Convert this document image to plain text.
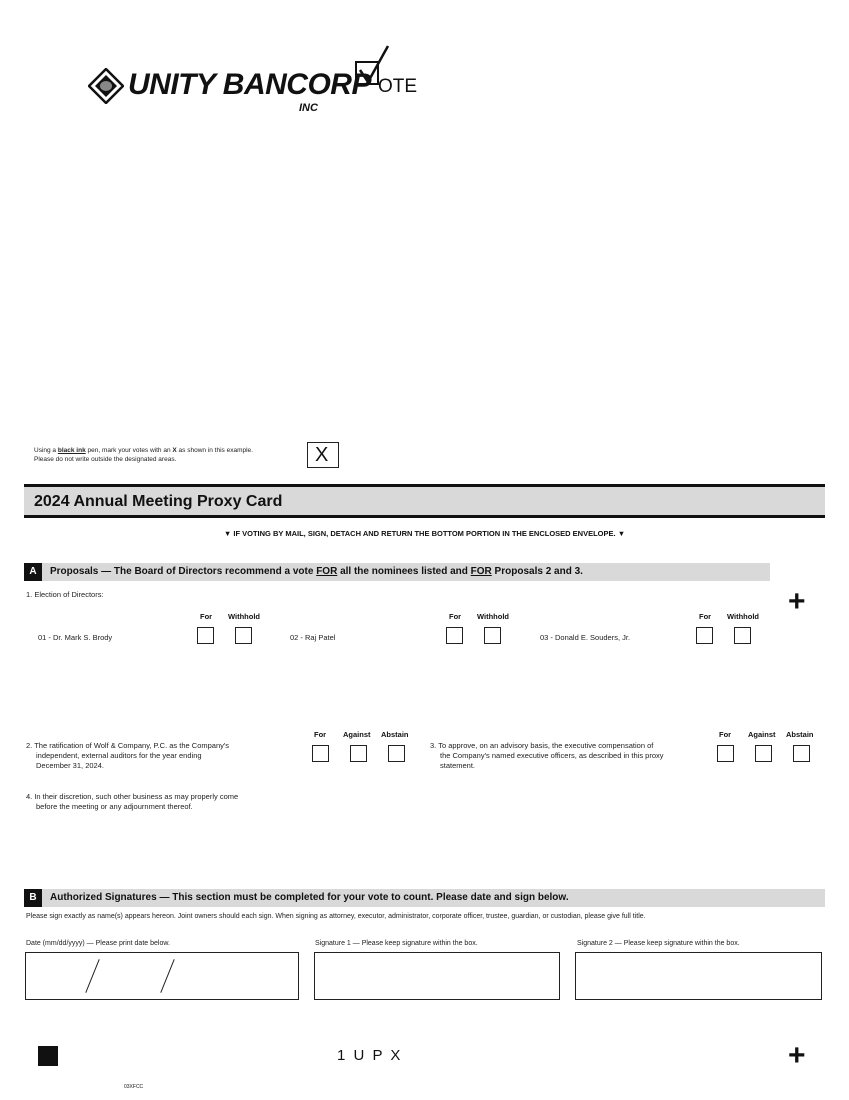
UNITY BANCORP
INC
OTE
Using a black ink pen, mark your votes with an X as shown in this example.
Please do not write outside the designated areas.	X
2024 Annual Meeting Proxy Card
▼ IF VOTING BY MAIL, SIGN, DETACH AND RETURN THE BOTTOM PORTION IN THE ENCLOSED ENVELOPE. ▼
A	Proposals — The Board of Directors recommend a vote FOR all the nominees listed and FOR Proposals 2 and 3.
+
1. Election of Directors:
For Withhold	For Withhold	For Withhold
01 - Dr. Mark S. Brody	02 - Raj Patel	03 - Donald E. Souders, Jr.
For Against Abstain
2. The ratification of Wolf & Company, P.C. as the Company's
independent, external auditors for the year ending
December 31, 2024.
For Against Abstain
3. To approve, on an advisory basis, the executive compensation of
the Company's named executive officers, as described in this proxy
statement.
4. In their discretion, such other business as may properly come
before the meeting or any adjournment thereof.
B	Authorized Signatures — This section must be completed for your vote to count. Please date and sign below.
Please sign exactly as name(s) appears hereon. Joint owners should each sign. When signing as attorney, executor, administrator, corporate officer, trustee, guardian, or custodian, please give full title.
Date (mm/dd/yyyy) — Please print date below.	Signature 1 — Please keep signature within the box.	Signature 2 — Please keep signature within the box.
1 U P X	+
03XFCC
